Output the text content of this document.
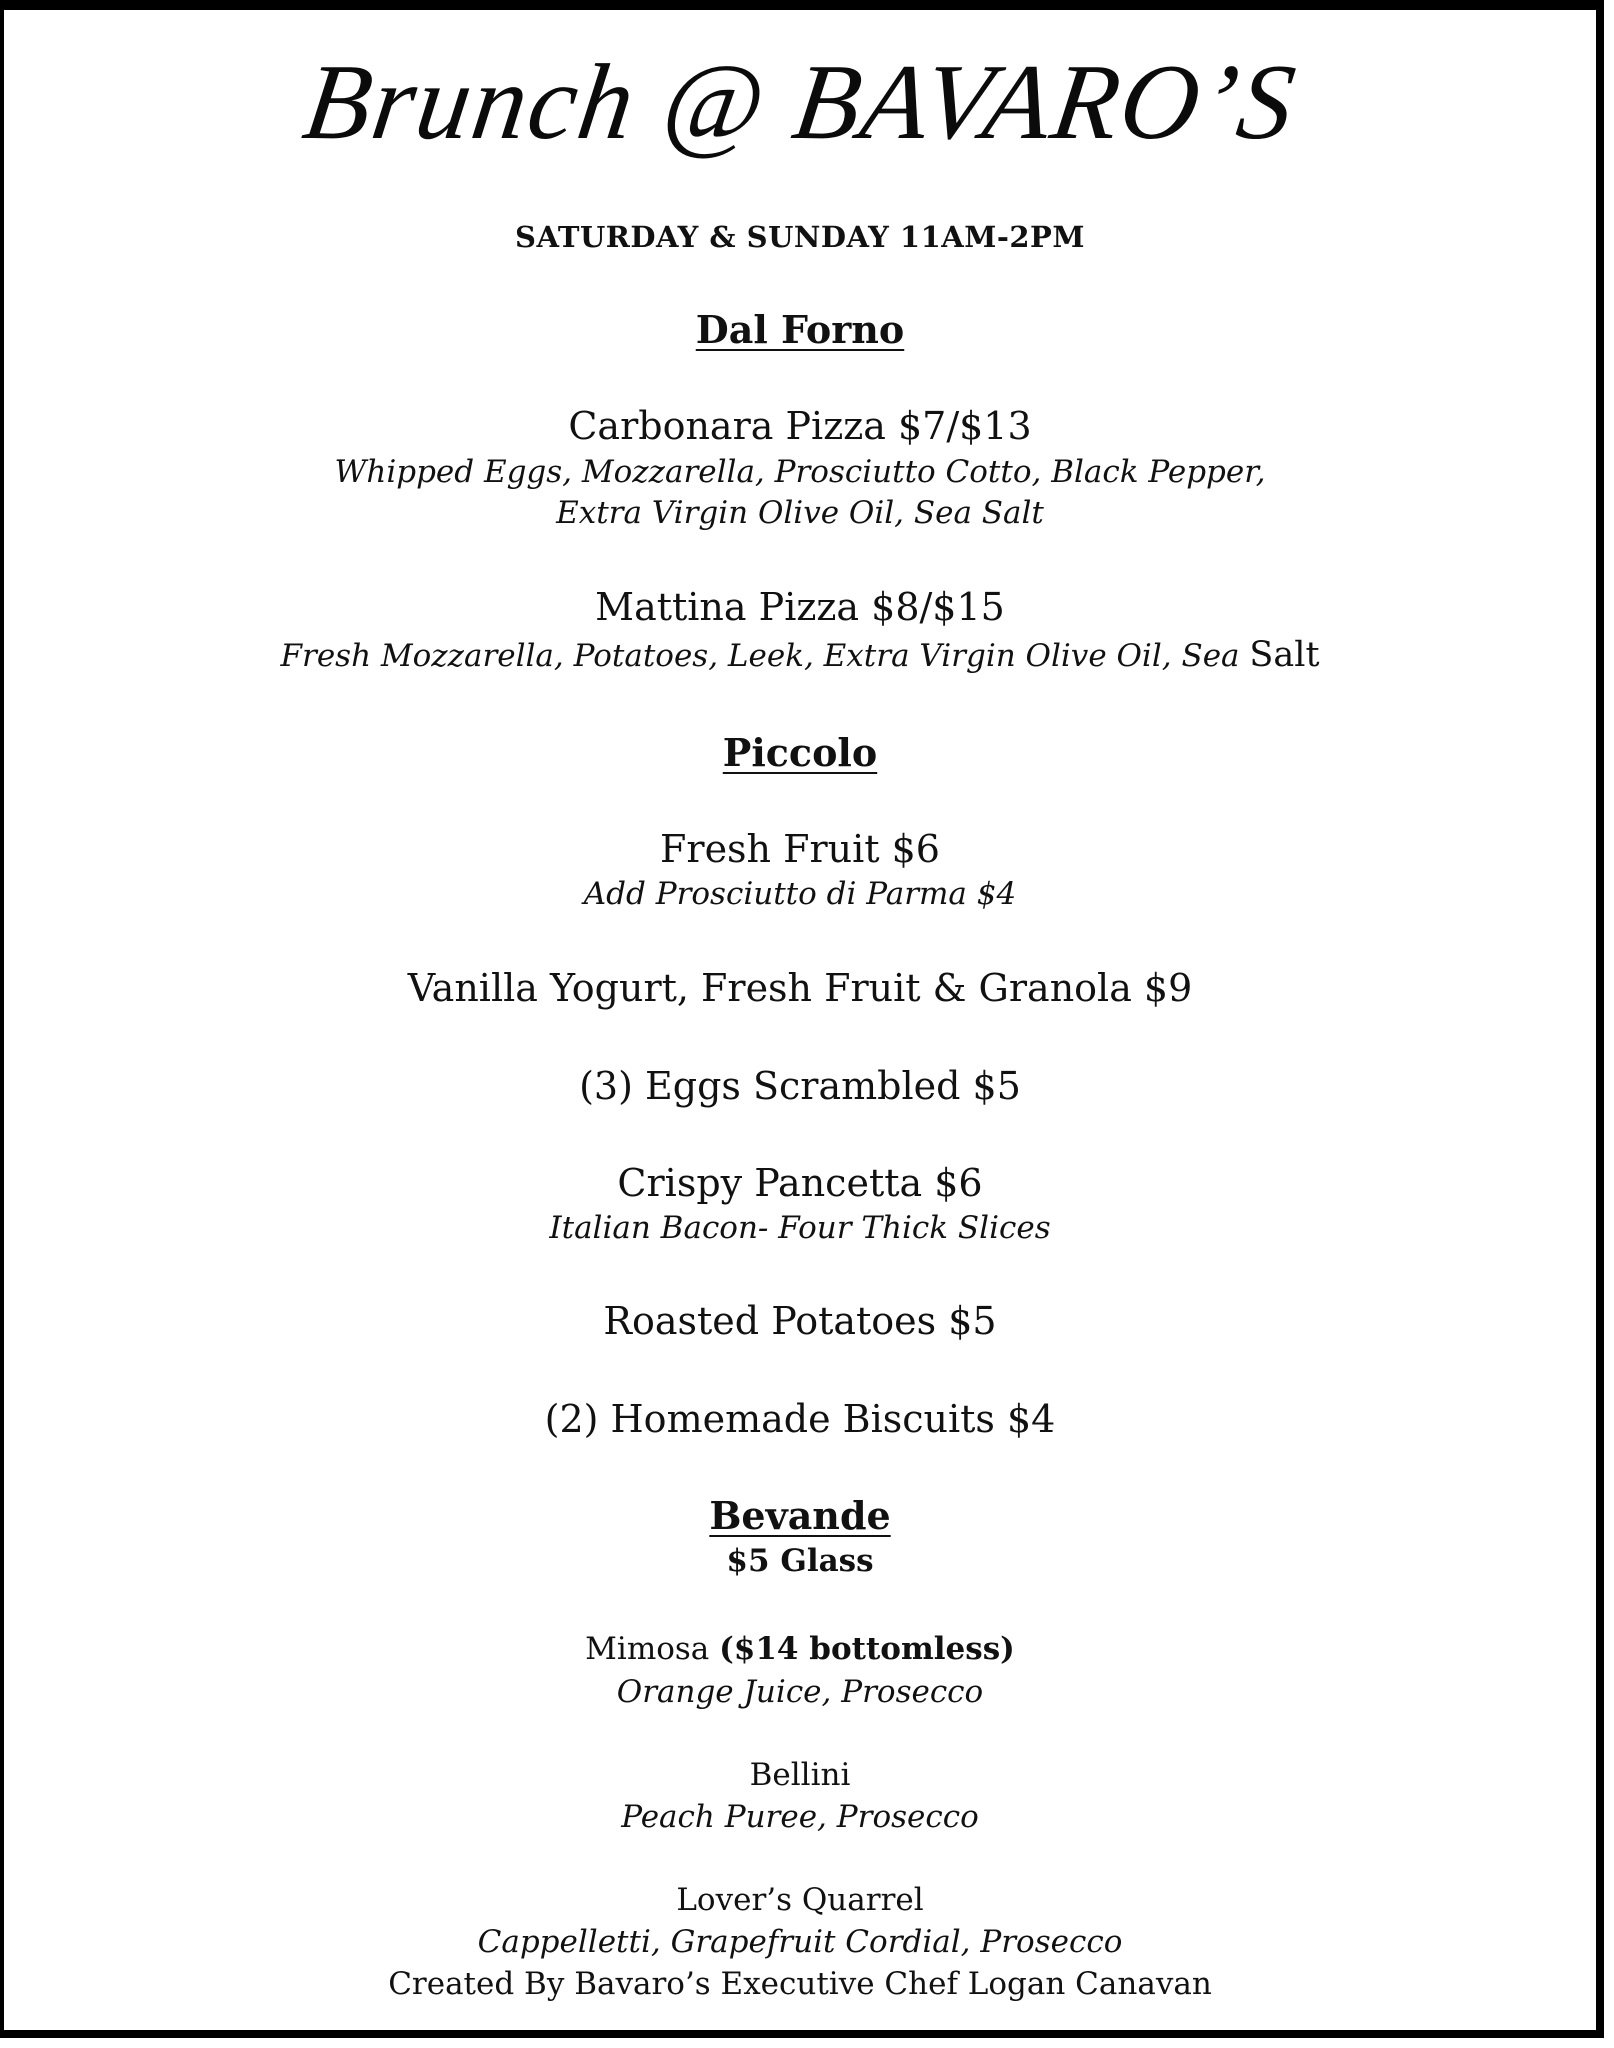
Brunch @ BAVARO’S
SATURDAY & SUNDAY 11AM-2PM
Dal Forno
Carbonara Pizza $7/$13
Whipped Eggs, Mozzarella, Prosciutto Cotto, Black Pepper,
Extra Virgin Olive Oil, Sea Salt
Mattina Pizza $8/$15
Fresh Mozzarella, Potatoes, Leek, Extra Virgin Olive Oil, Sea Salt
Piccolo
Fresh Fruit $6
Add Prosciutto di Parma $4
Vanilla Yogurt, Fresh Fruit & Granola $9
(3) Eggs Scrambled $5
Crispy Pancetta $6
Italian Bacon- Four Thick Slices
Roasted Potatoes $5
(2) Homemade Biscuits $4
Bevande
$5 Glass
Mimosa ($14 bottomless)
Orange Juice, Prosecco
Bellini
Peach Puree, Prosecco
Lover’s Quarrel
Cappelletti, Grapefruit Cordial, Prosecco
Created By Bavaro’s Executive Chef Logan Canavan
